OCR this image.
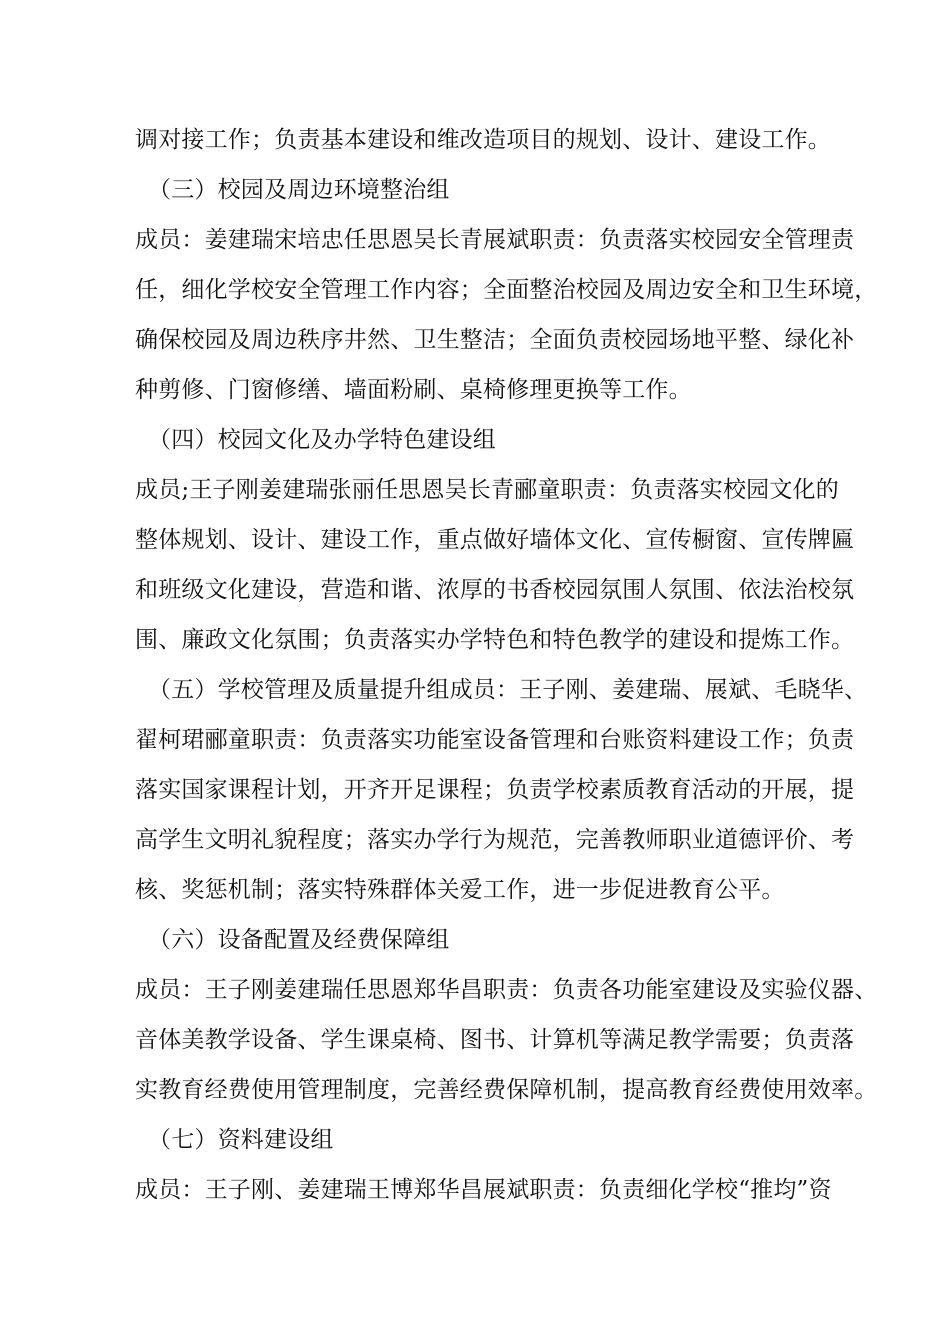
调对接工作；负责基本建设和维改造项目的规划、设计、建设工作。
（三）校园及周边环境整治组
成员：姜建瑞宋培忠任思恩吴长青展斌职责：负责落实校园安全管理责
任，细化学校安全管理工作内容；全面整治校园及周边安全和卫生环境，
确保校园及周边秩序井然、卫生整洁；全面负责校园场地平整、绿化补
种剪修、门窗修缮、墙面粉刷、桌椅修理更换等工作。
（四）校园文化及办学特色建设组
成员;王子刚姜建瑞张丽任思恩吴长青郦童职责：负责落实校园文化的
整体规划、设计、建设工作，重点做好墙体文化、宣传橱窗、宣传牌匾
和班级文化建设，营造和谐、浓厚的书香校园氛围人氛围、依法治校氛
围、廉政文化氛围；负责落实办学特色和特色教学的建设和提炼工作。
（五）学校管理及质量提升组成员：王子刚、姜建瑞、展斌、毛晓华、
翟柯珺郦童职责：负责落实功能室设备管理和台账资料建设工作；负责
落实国家课程计划，开齐开足课程；负责学校素质教育活动的开展，提
高学生文明礼貌程度；落实办学行为规范，完善教师职业道德评价、考
核、奖惩机制；落实特殊群体关爱工作，进一步促进教育公平。
（六）设备配置及经费保障组
成员：王子刚姜建瑞任思恩郑华昌职责：负责各功能室建设及实验仪器、
音体美教学设备、学生课桌椅、图书、计算机等满足教学需要；负责落
实教育经费使用管理制度，完善经费保障机制，提高教育经费使用效率。
（七）资料建设组
成员：王子刚、姜建瑞王博郑华昌展斌职责：负责细化学校“推均”资
